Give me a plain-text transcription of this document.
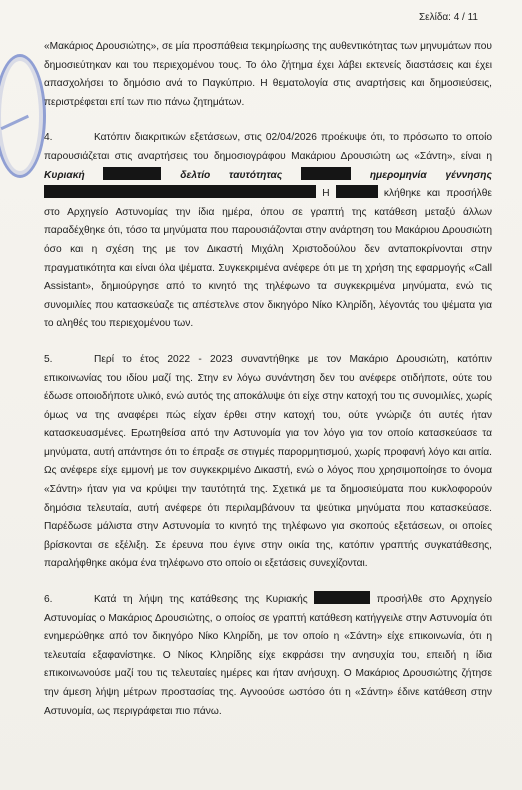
Σελίδα: 4 / 11

«Μακάριος Δρουσιώτης», σε μία προσπάθεια τεκμηρίωσης της αυθεντικότητας των μηνυμάτων που δημοσιεύτηκαν και του περιεχομένου τους. Το όλο ζήτημα έχει λάβει εκτενείς διαστάσεις και έχει απασχολήσει το δημόσιο ανά το Παγκύπριο. Η θεματολογία στις αναρτήσεις και δημοσιεύσεις, περιστρέφεται επί των πιο πάνω ζητημάτων.

4.	Κατόπιν διακριτικών εξετάσεων, στις 02/04/2026 προέκυψε ότι, το πρόσωπο το οποίο παρουσιάζεται στις αναρτήσεις του δημοσιογράφου Μακάριου Δρουσιώτη ως «Σάντη», είναι η Κυριακή	δελτίο ταυτότητας	ημερομηνία γέννησης  Η	κλήθηκε και προσήλθε στο Αρχηγείο Αστυνομίας την ίδια ημέρα, όπου σε γραπτή της κατάθεση μεταξύ άλλων παραδέχθηκε ότι, τόσο τα μηνύματα που παρουσιάζονται στην ανάρτηση του Μακάριου Δρουσιώτη όσο και η σχέση της με τον Δικαστή Μιχάλη Χριστοδούλου δεν ανταποκρίνονται στην πραγματικότητα και είναι όλα ψέματα. Συγκεκριμένα ανέφερε ότι με τη χρήση της εφαρμογής «Call Assistant», δημιούργησε από το κινητό της τηλέφωνο τα συγκεκριμένα μηνύματα, ενώ τις συνομιλίες που κατασκεύαζε τις απέστελνε στον δικηγόρο Νίκο Κληρίδη, λέγοντάς του ψέματα για το αληθές του περιεχομένου των.

5.	Περί το έτος 2022 - 2023 συναντήθηκε με τον Μακάριο Δρουσιώτη, κατόπιν επικοινωνίας του ιδίου μαζί της. Στην εν λόγω συνάντηση δεν του ανέφερε οτιδήποτε, ούτε του έδωσε οποιοδήποτε υλικό, ενώ αυτός της αποκάλυψε ότι είχε στην κατοχή του τις συνομιλίες, χωρίς όμως να της αναφέρει πώς είχαν έρθει στην κατοχή του, ούτε γνώριζε ότι αυτές ήταν κατασκευασμένες. Ερωτηθείσα από την Αστυνομία για τον λόγο για τον οποίο κατασκεύασε τα μηνύματα, αυτή απάντησε ότι το έπραξε σε στιγμές παρορμητισμού, χωρίς προφανή λόγο και αιτία. Ως ανέφερε είχε εμμονή με τον συγκεκριμένο Δικαστή, ενώ ο λόγος που χρησιμοποίησε το όνομα «Σάντη» ήταν για να κρύψει την ταυτότητά της. Σχετικά με τα δημοσιεύματα που κυκλοφορούν δημόσια τελευταία, αυτή ανέφερε ότι περιλαμβάνουν τα ψεύτικα μηνύματα που κατασκεύασε. Παρέδωσε μάλιστα στην Αστυνομία το κινητό της τηλέφωνο για σκοπούς εξετάσεων, οι οποίες βρίσκονται σε εξέλιξη. Σε έρευνα που έγινε στην οικία της, κατόπιν γραπτής συγκατάθεσης, παραλήφθηκε ακόμα ένα τηλέφωνο στο οποίο οι εξετάσεις συνεχίζονται.

6.	Κατά τη λήψη της κατάθεσης της Κυριακής	προσήλθε στο Αρχηγείο Αστυνομίας ο Μακάριος Δρουσιώτης, ο οποίος σε γραπτή κατάθεση κατήγγειλε στην Αστυνομία ότι ενημερώθηκε από τον δικηγόρο Νίκο Κληρίδη, με τον οποίο η «Σάντη» είχε επικοινωνία, ότι η τελευταία εξαφανίστηκε. Ο Νίκος Κληρίδης είχε εκφράσει την ανησυχία του, επειδή η ίδια επικοινωνούσε μαζί του τις τελευταίες ημέρες και ήταν ανήσυχη. Ο Μακάριος Δρουσιώτης ζήτησε την άμεση λήψη μέτρων προστασίας της. Αγνοούσε ωστόσο ότι η «Σάντη» έδινε κατάθεση στην Αστυνομία, ως περιγράφεται πιο πάνω.
